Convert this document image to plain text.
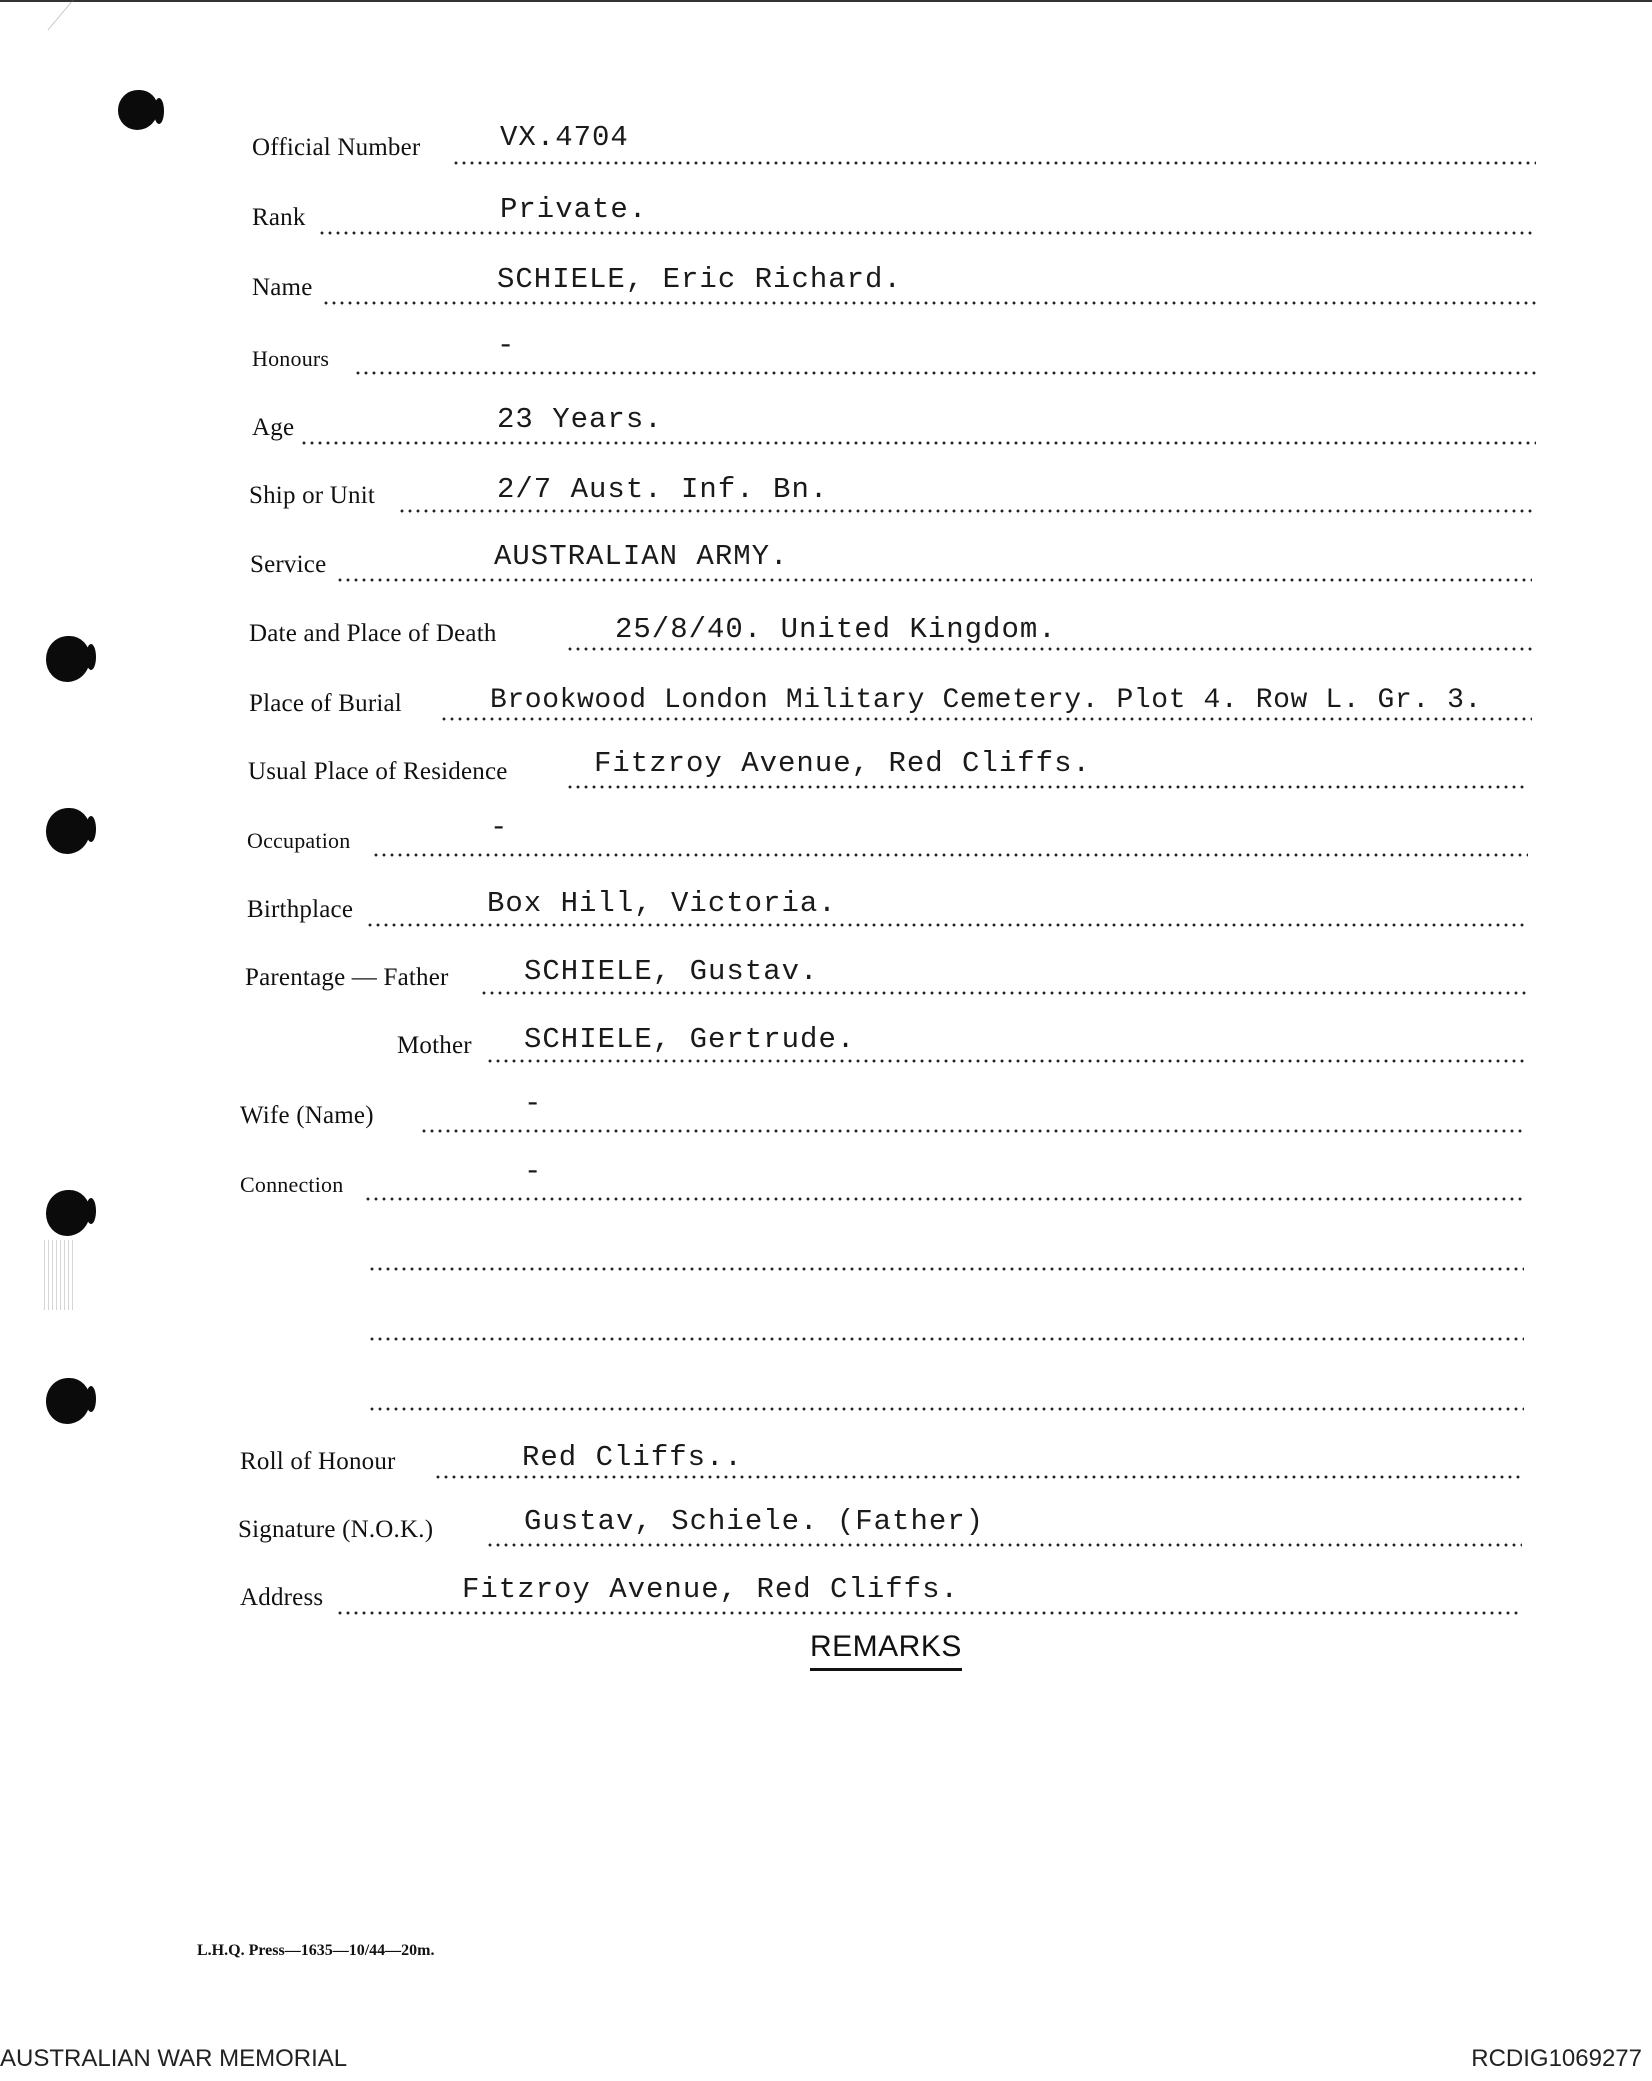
Official Number	VX.4704
Rank	Private.
Name	SCHIELE, Eric Richard.
Honours	-
Age	23 Years.
Ship or Unit	2/7 Aust. Inf. Bn.
Service	AUSTRALIAN ARMY.
Date and Place of Death	25/8/40. United Kingdom.
Place of Burial	Brookwood London Military Cemetery. Plot 4. Row L. Gr. 3.
Usual Place of Residence	Fitzroy Avenue, Red Cliffs.
Occupation	-
Birthplace	Box Hill, Victoria.
Parentage — Father	SCHIELE, Gustav.
Mother SCHIELE, Gertrude.
Wife (Name)	-
Connection	-
Roll of Honour	Red Cliffs..
Signature (N.O.K.)	Gustav, Schiele. (Father)
Address	Fitzroy Avenue, Red Cliffs.
REMARKS
L.H.Q. Press—1635—10/44—20m.
AUSTRALIAN WAR MEMORIAL	RCDIG1069277
